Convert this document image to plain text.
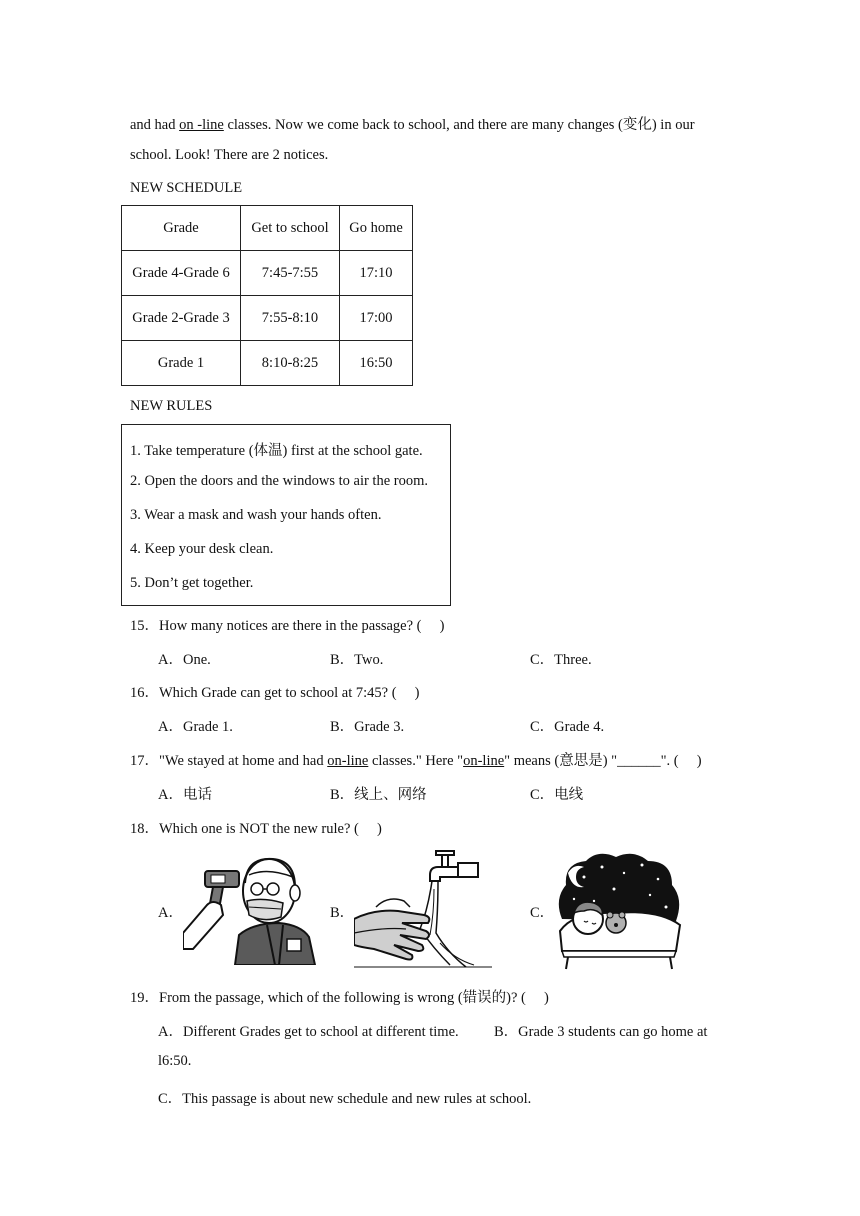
and had on -line classes. Now we come back to school, and there are many changes (变化) in our
school. Look! There are 2 notices.
NEW SCHEDULE
Grade	Get to school	Go home
Grade 4-Grade 6	7:45-7:55	17:10
Grade 2-Grade 3	7:55-8:10	17:00
Grade 1	8:10-8:25	16:50
NEW RULES
1. Take temperature (体温) first at the school gate.
2. Open the doors and the windows to air the room.
3. Wear a mask and wash your hands often.
4. Keep your desk clean.
5. Don’t get together.
15．How many notices are there in the passage? (　 )
A．One.	B．Two.	C．Three.
16．Which Grade can get to school at 7:45? (　 )
A．Grade 1.	B．Grade 3.	C．Grade 4.
17．"We stayed at home and had on-line classes." Here "on-line" means (意思是) "______". (　 )
A．电话	B．线上、网络	C．电线
18．Which one is NOT the new rule? (　 )
A．	B．	C．
19．From the passage, which of the following is wrong (错误的)? (　 )
A．Different Grades get to school at different time. B．Grade 3 students can go home at
l6:50.
C．This passage is about new schedule and new rules at school.
